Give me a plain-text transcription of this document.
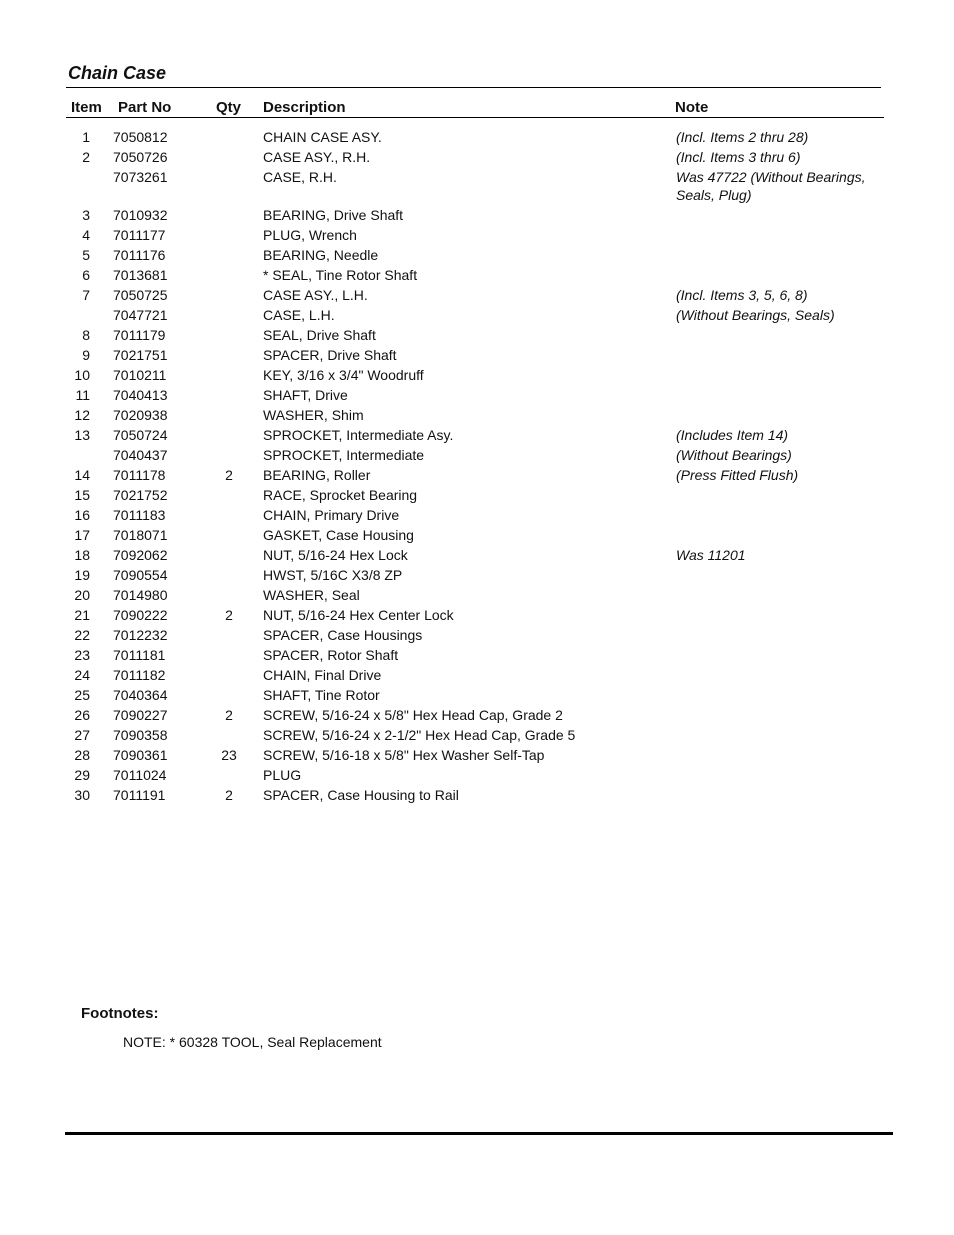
Chain Case
Item Part No	Qty Description	Note
1 7050812	CHAIN CASE ASY.	(Incl. Items 2 thru 28)
2 7050726	CASE ASY., R.H.	(Incl. Items 3 thru 6)
7073261	CASE, R.H.	Was 47722 (Without Bearings, Seals, Plug)
3 7010932	BEARING, Drive Shaft
4 7011177	PLUG, Wrench
5 7011176	BEARING, Needle
6 7013681	* SEAL, Tine Rotor Shaft
7 7050725	CASE ASY., L.H.	(Incl. Items 3, 5, 6, 8)
7047721	CASE, L.H.	(Without Bearings, Seals)
8 7011179	SEAL, Drive Shaft
9 7021751	SPACER, Drive Shaft
10 7010211	KEY, 3/16 x 3/4" Woodruff
11 7040413	SHAFT, Drive
12 7020938	WASHER, Shim
13 7050724	SPROCKET, Intermediate Asy.	(Includes Item 14)
7040437	SPROCKET, Intermediate	(Without Bearings)
14 7011178	2	BEARING, Roller	(Press Fitted Flush)
15 7021752	RACE, Sprocket Bearing
16 7011183	CHAIN, Primary Drive
17 7018071	GASKET, Case Housing
18 7092062	NUT, 5/16-24 Hex Lock	Was 11201
19 7090554	HWST, 5/16C X3/8 ZP
20 7014980	WASHER, Seal
21 7090222	2	NUT, 5/16-24 Hex Center Lock
22 7012232	SPACER, Case Housings
23 7011181	SPACER, Rotor Shaft
24 7011182	CHAIN, Final Drive
25 7040364	SHAFT, Tine Rotor
26 7090227	2	SCREW, 5/16-24 x 5/8" Hex Head Cap, Grade 2
27 7090358	SCREW, 5/16-24 x 2-1/2" Hex Head Cap, Grade 5
28 7090361	23 SCREW, 5/16-18 x 5/8" Hex Washer Self-Tap
29 7011024	PLUG
30 7011191	2	SPACER, Case Housing to Rail
Footnotes:
NOTE: * 60328 TOOL, Seal Replacement
